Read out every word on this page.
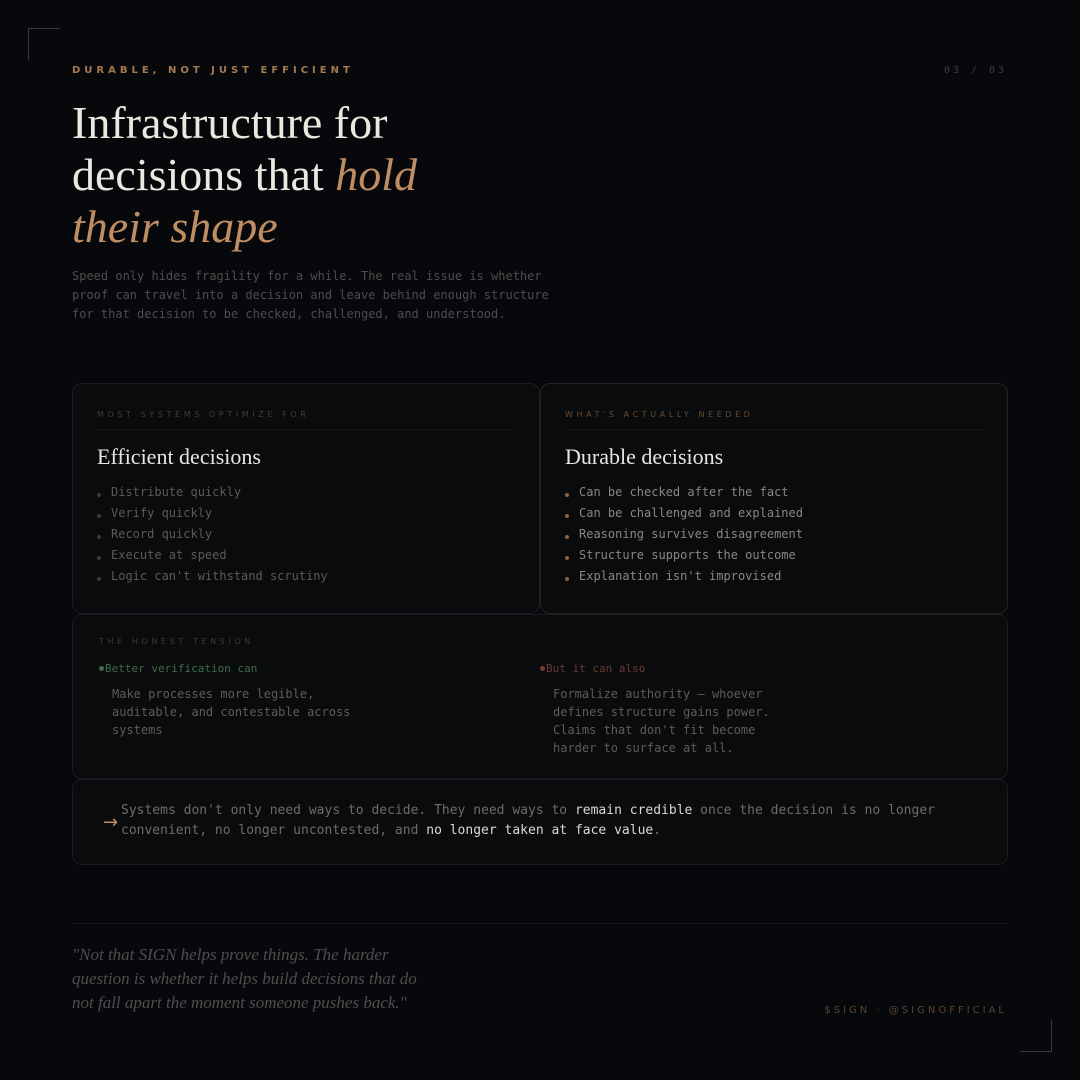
DURABLE, NOT JUST EFFICIENT	03 / 03
Infrastructure for
decisions that hold
their shape

Speed only hides fragility for a while. The real issue is whether proof can travel into a decision and leave behind enough structure for that decision to be checked, challenged, and understood.

MOST SYSTEMS OPTIMIZE FOR
Efficient decisions
Distribute quickly
Verify quickly
Record quickly
Execute at speed
Logic can't withstand scrutiny
WHAT'S ACTUALLY NEEDED
Durable decisions
Can be checked after the fact
Can be challenged and explained
Reasoning survives disagreement
Structure supports the outcome
Explanation isn't improvised
THE HONEST TENSION
Better verification can
Make processes more legible, auditable, and contestable across systems
But it can also
Formalize authority — whoever defines structure gains power. Claims that don't fit become harder to surface at all.
→

Systems don't only need ways to decide. They need ways to remain credible once the decision is no longer convenient, no longer uncontested, and no longer taken at face value.

"Not that SIGN helps prove things. The harder question is whether it helps build decisions that do not fall apart the moment someone pushes back."	$SIGN · @SIGNOFFICIAL
